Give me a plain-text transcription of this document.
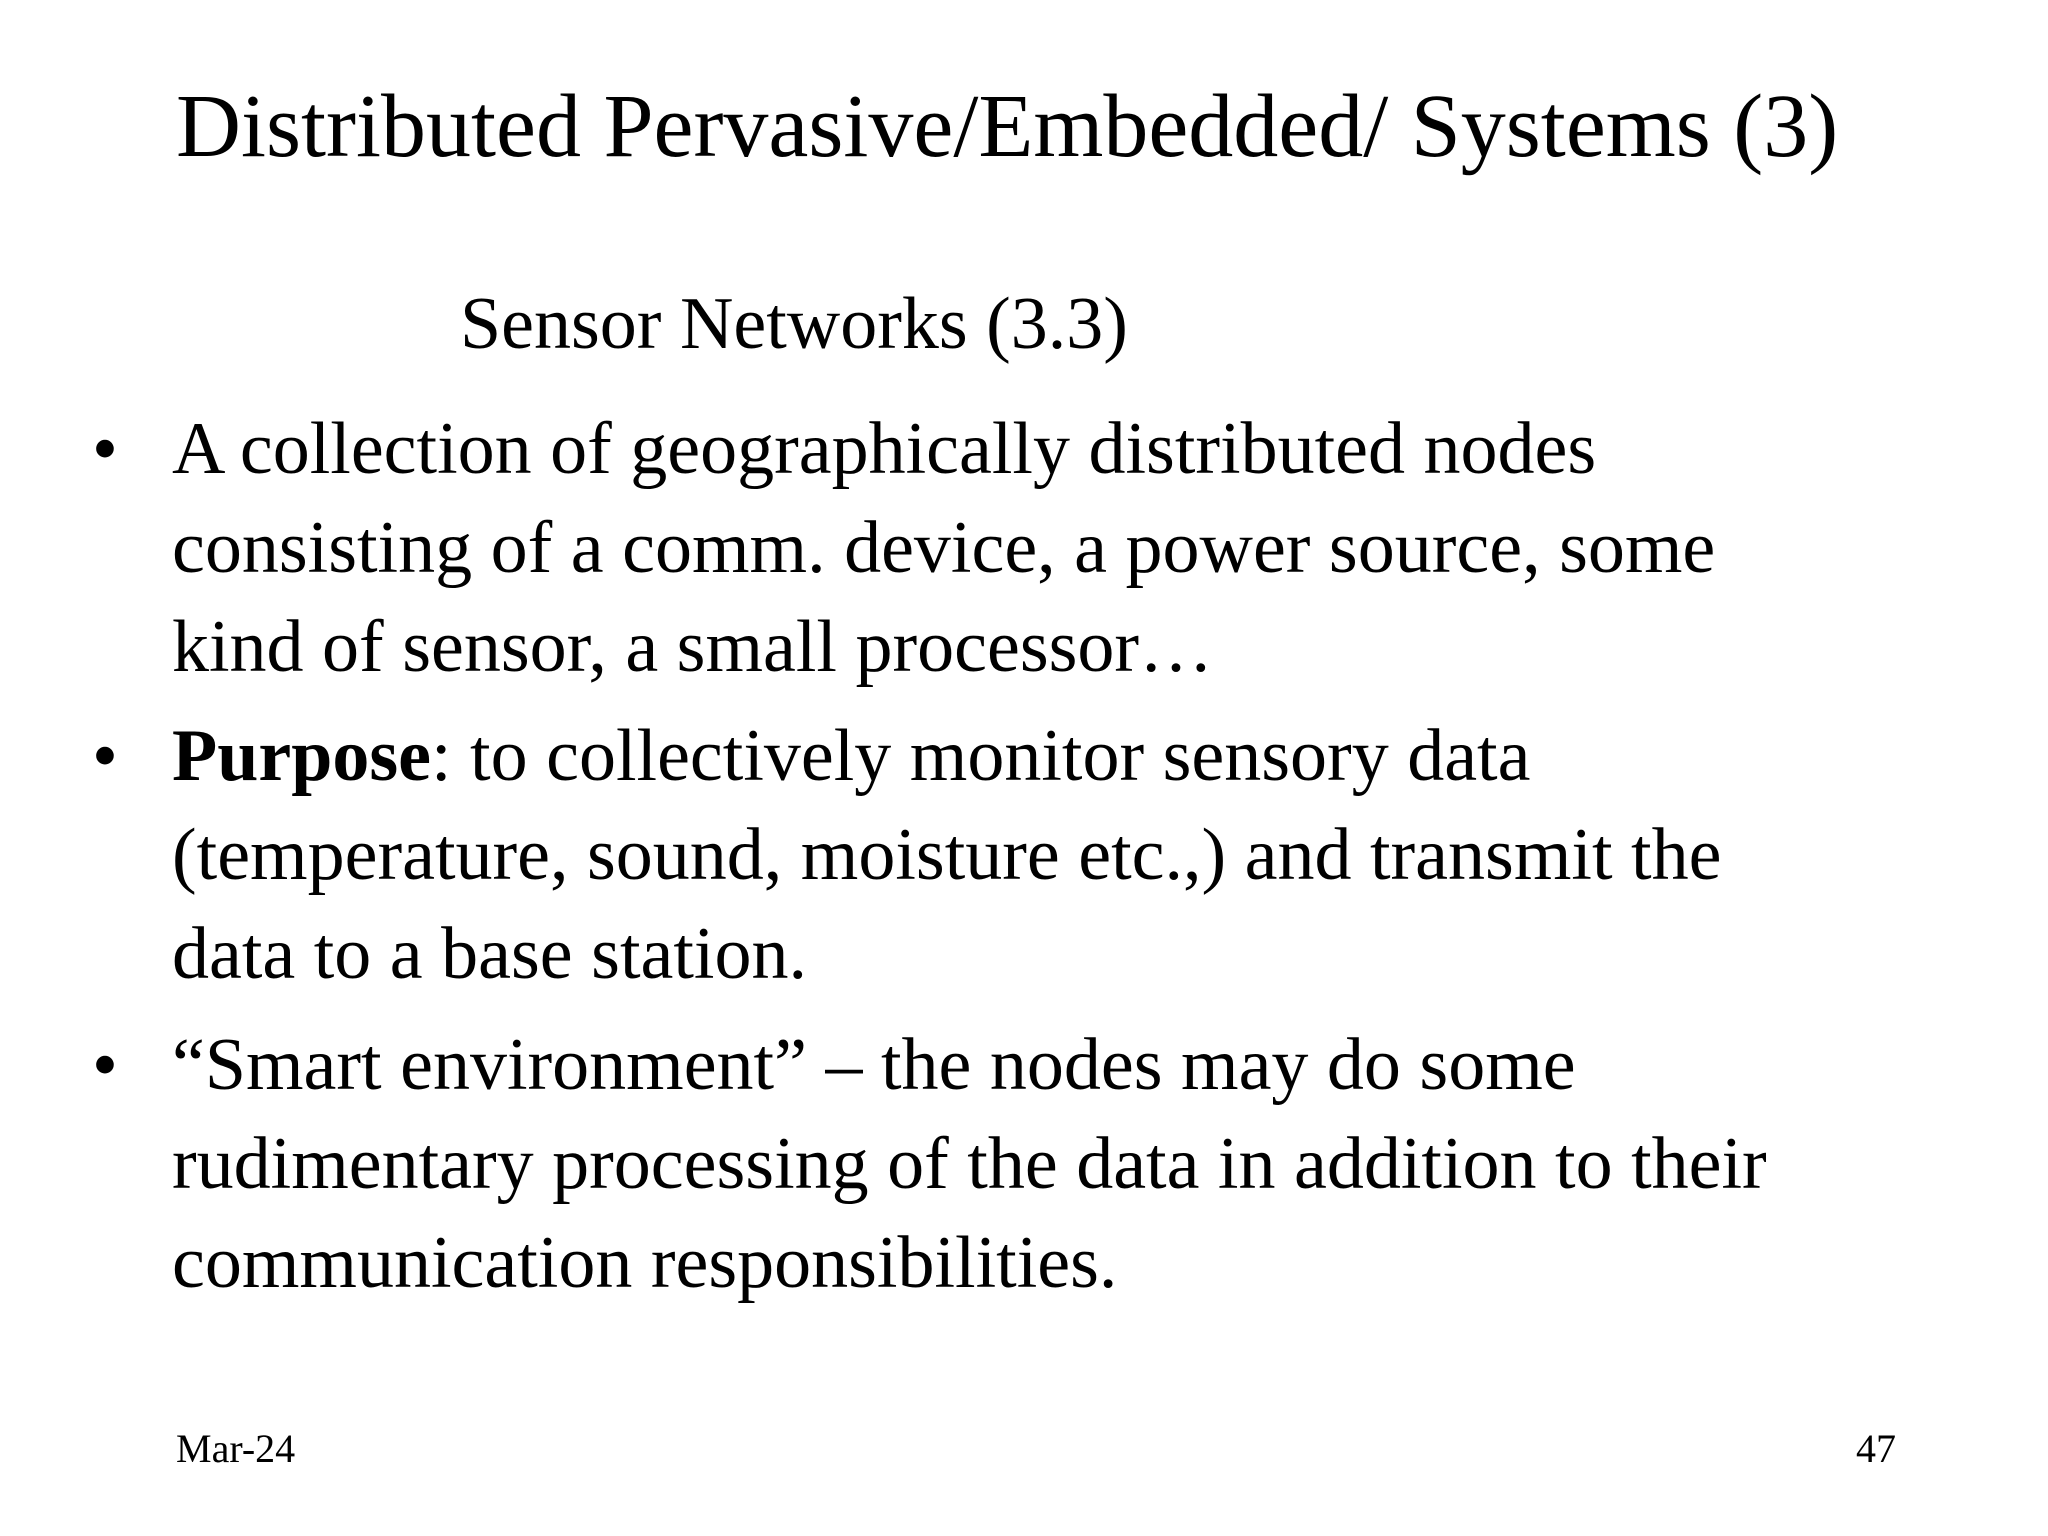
Distributed Pervasive/Embedded/ Systems (3)
Sensor Networks (3.3)
• A collection of geographically distributed nodes
consisting of a comm. device, a power source, some
kind of sensor, a small processor…
• Purpose: to collectively monitor sensory data
(temperature, sound, moisture etc.,) and transmit the
data to a base station.
• “Smart environment” – the nodes may do some
rudimentary processing of the data in addition to their
communication responsibilities.
Mar-24	47
